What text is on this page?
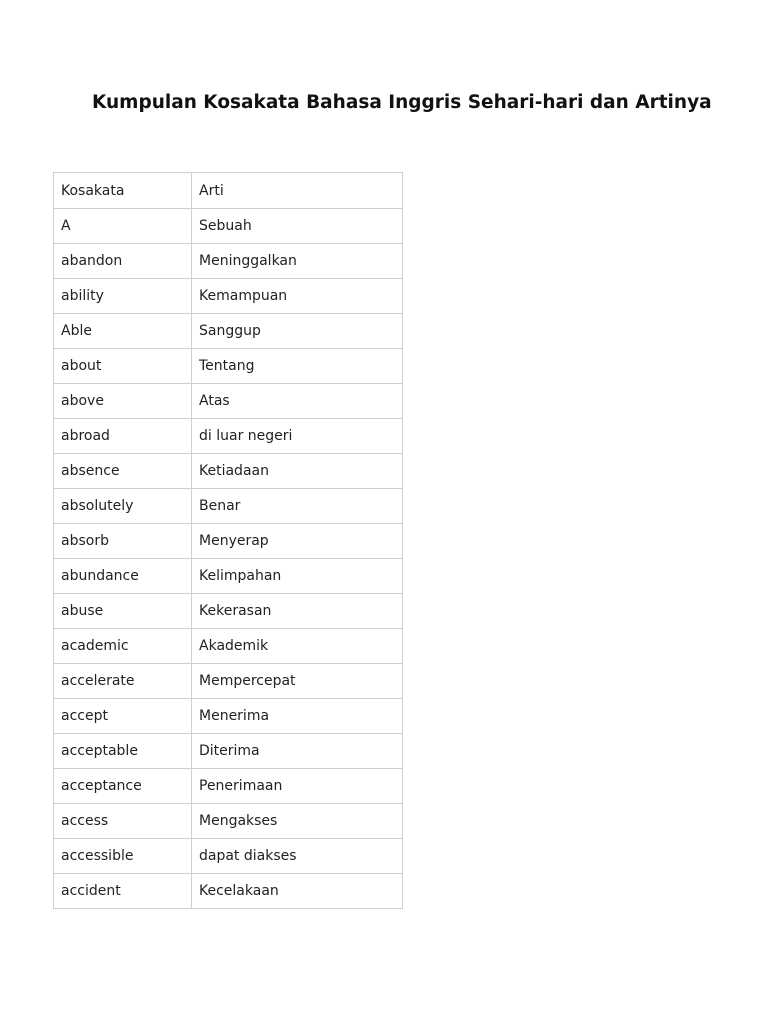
Kumpulan Kosakata Bahasa Inggris Sehari-hari dan Artinya
Kosakata	Arti
A	Sebuah
abandon	Meninggalkan
ability	Kemampuan
Able	Sanggup
about	Tentang
above	Atas
abroad	di luar negeri
absence	Ketiadaan
absolutely	Benar
absorb	Menyerap
abundance	Kelimpahan
abuse	Kekerasan
academic	Akademik
accelerate	Mempercepat
accept	Menerima
acceptable	Diterima
acceptance	Penerimaan
access	Mengakses
accessible	dapat diakses
accident	Kecelakaan
